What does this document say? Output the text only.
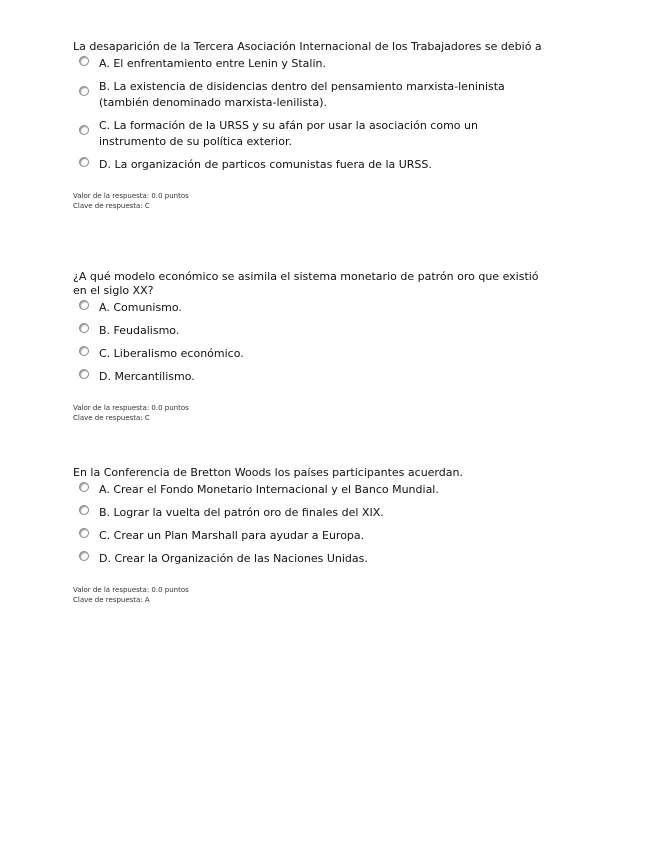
La desaparición de la Tercera Asociación Internacional de los Trabajadores se debió a

A. El enfrentamiento entre Lenin y Stalin.
B. La existencia de disidencias dentro del pensamiento marxista-leninista (también denominado marxista-lenilista).
C. La formación de la URSS y su afán por usar la asociación como un instrumento de su política exterior.
D. La organización de particos comunistas fuera de la URSS.
Valor de la respuesta: 0.0 puntos
Clave de respuesta: C

¿A qué modelo económico se asimila el sistema monetario de patrón oro que existió en el siglo XX?

A. Comunismo.
B. Feudalismo.
C. Liberalismo económico.
D. Mercantilismo.
Valor de la respuesta: 0.0 puntos
Clave de respuesta: C

En la Conferencia de Bretton Woods los países participantes acuerdan.

A. Crear el Fondo Monetario Internacional y el Banco Mundial.
B. Lograr la vuelta del patrón oro de finales del XIX.
C. Crear un Plan Marshall para ayudar a Europa.
D. Crear la Organización de las Naciones Unidas.
Valor de la respuesta: 0.0 puntos
Clave de respuesta: A
